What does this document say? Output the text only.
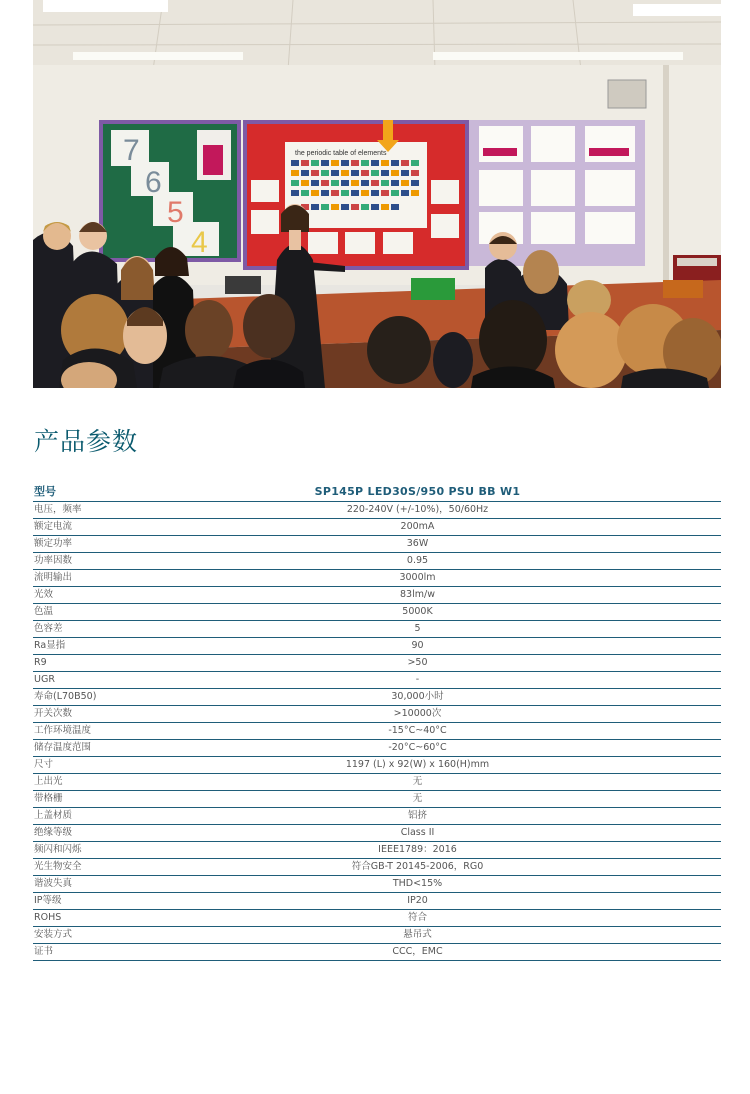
7
6
5
4
the periodic table of elements
产品参数
型号	SP145P LED30S/950 PSU BB W1
电压，频率	220-240V (+/-10%)，50/60Hz
额定电流	200mA
额定功率	36W
功率因数	0.95
流明输出	3000lm
光效	83lm/w
色温	5000K
色容差	5
Ra显指	90
R9	>50
UGR	-
寿命(L70B50)	30,000小时
开关次数	>10000次
工作环境温度	-15°C~40°C
储存温度范围	-20°C~60°C
尺寸	1197 (L) x 92(W) x 160(H)mm
上出光	无
带格栅	无
上盖材质	铝挤
绝缘等级	Class II
频闪和闪烁	IEEE1789：2016
光生物安全	符合GB-T 20145-2006，RG0
谐波失真	THD<15%
IP等级	IP20
ROHS	符合
安装方式	悬吊式
证书	CCC，EMC
